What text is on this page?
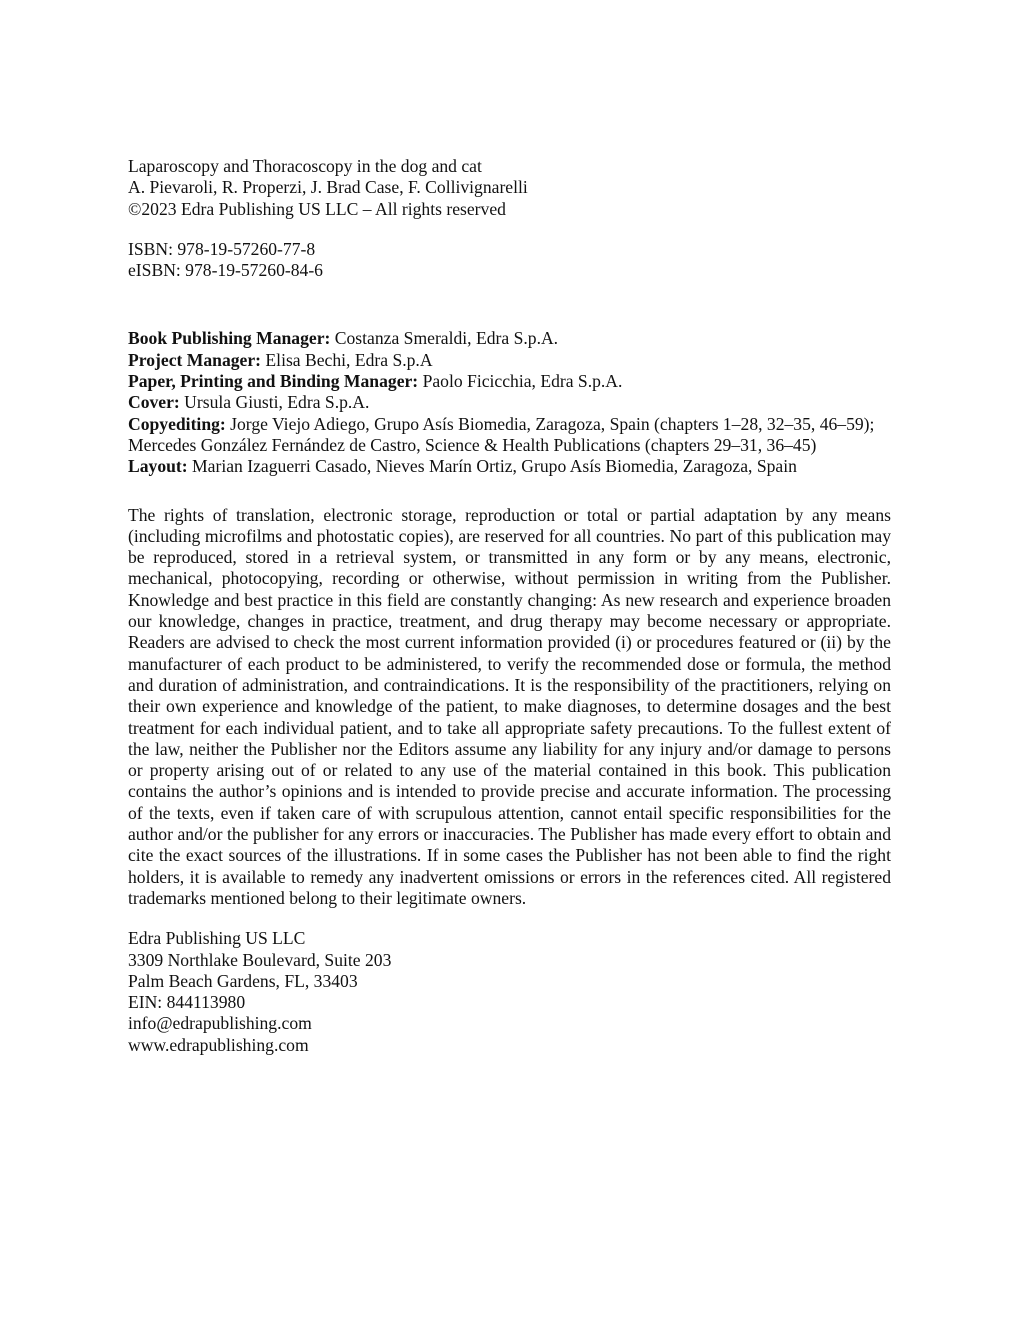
Laparoscopy and Thoracoscopy in the dog and cat

A. Pievaroli, R. Properzi, J. Brad Case, F. Collivignarelli

©2023 Edra Publishing US LLC – All rights reserved

ISBN: 978-19-57260-77-8

eISBN: 978-19-57260-84-6

Book Publishing Manager: Costanza Smeraldi, Edra S.p.A.

Project Manager: Elisa Bechi, Edra S.p.A

Paper, Printing and Binding Manager: Paolo Ficicchia, Edra S.p.A.

Cover: Ursula Giusti, Edra S.p.A.

Copyediting: Jorge Viejo Adiego, Grupo Asís Biomedia, Zaragoza, Spain (chapters 1–28, 32–35, 46–59); Mercedes González Fernández de Castro, Science & Health Publications (chapters 29–31, 36–45)

Layout: Marian Izaguerri Casado, Nieves Marín Ortiz, Grupo Asís Biomedia, Zaragoza, Spain

The rights of translation, electronic storage, reproduction or total or partial adaptation by any means (including microfilms and photostatic copies), are reserved for all countries. No part of this publication may be reproduced, stored in a retrieval system, or transmitted in any form or by any means, electronic, mechanical, photocopying, recording or otherwise, without permission in writing from the Publisher. Knowledge and best practice in this field are constantly changing: As new research and experience broaden our knowledge, changes in practice, treatment, and drug therapy may become necessary or appropriate. Readers are advised to check the most current information provided (i) or procedures featured or (ii) by the manufacturer of each product to be administered, to verify the recommended dose or formula, the method and duration of administration, and contraindications. It is the responsibility of the practitioners, relying on their own experience and knowledge of the patient, to make diagnoses, to determine dosages and the best treatment for each individual patient, and to take all appropriate safety precautions. To the fullest extent of the law, neither the Publisher nor the Editors assume any liability for any injury and/or damage to persons or property arising out of or related to any use of the material contained in this book. This publication contains the author’s opinions and is intended to provide precise and accurate information. The processing of the texts, even if taken care of with scrupulous attention, cannot entail specific responsibilities for the author and/or the publisher for any errors or inaccuracies. The Publisher has made every effort to obtain and cite the exact sources of the illustrations. If in some cases the Publisher has not been able to find the right holders, it is available to remedy any inadvertent omissions or errors in the references cited. All registered trademarks mentioned belong to their legitimate owners.

Edra Publishing US LLC

3309 Northlake Boulevard, Suite 203

Palm Beach Gardens, FL, 33403

EIN: 844113980

info@edrapublishing.com

www.edrapublishing.com
